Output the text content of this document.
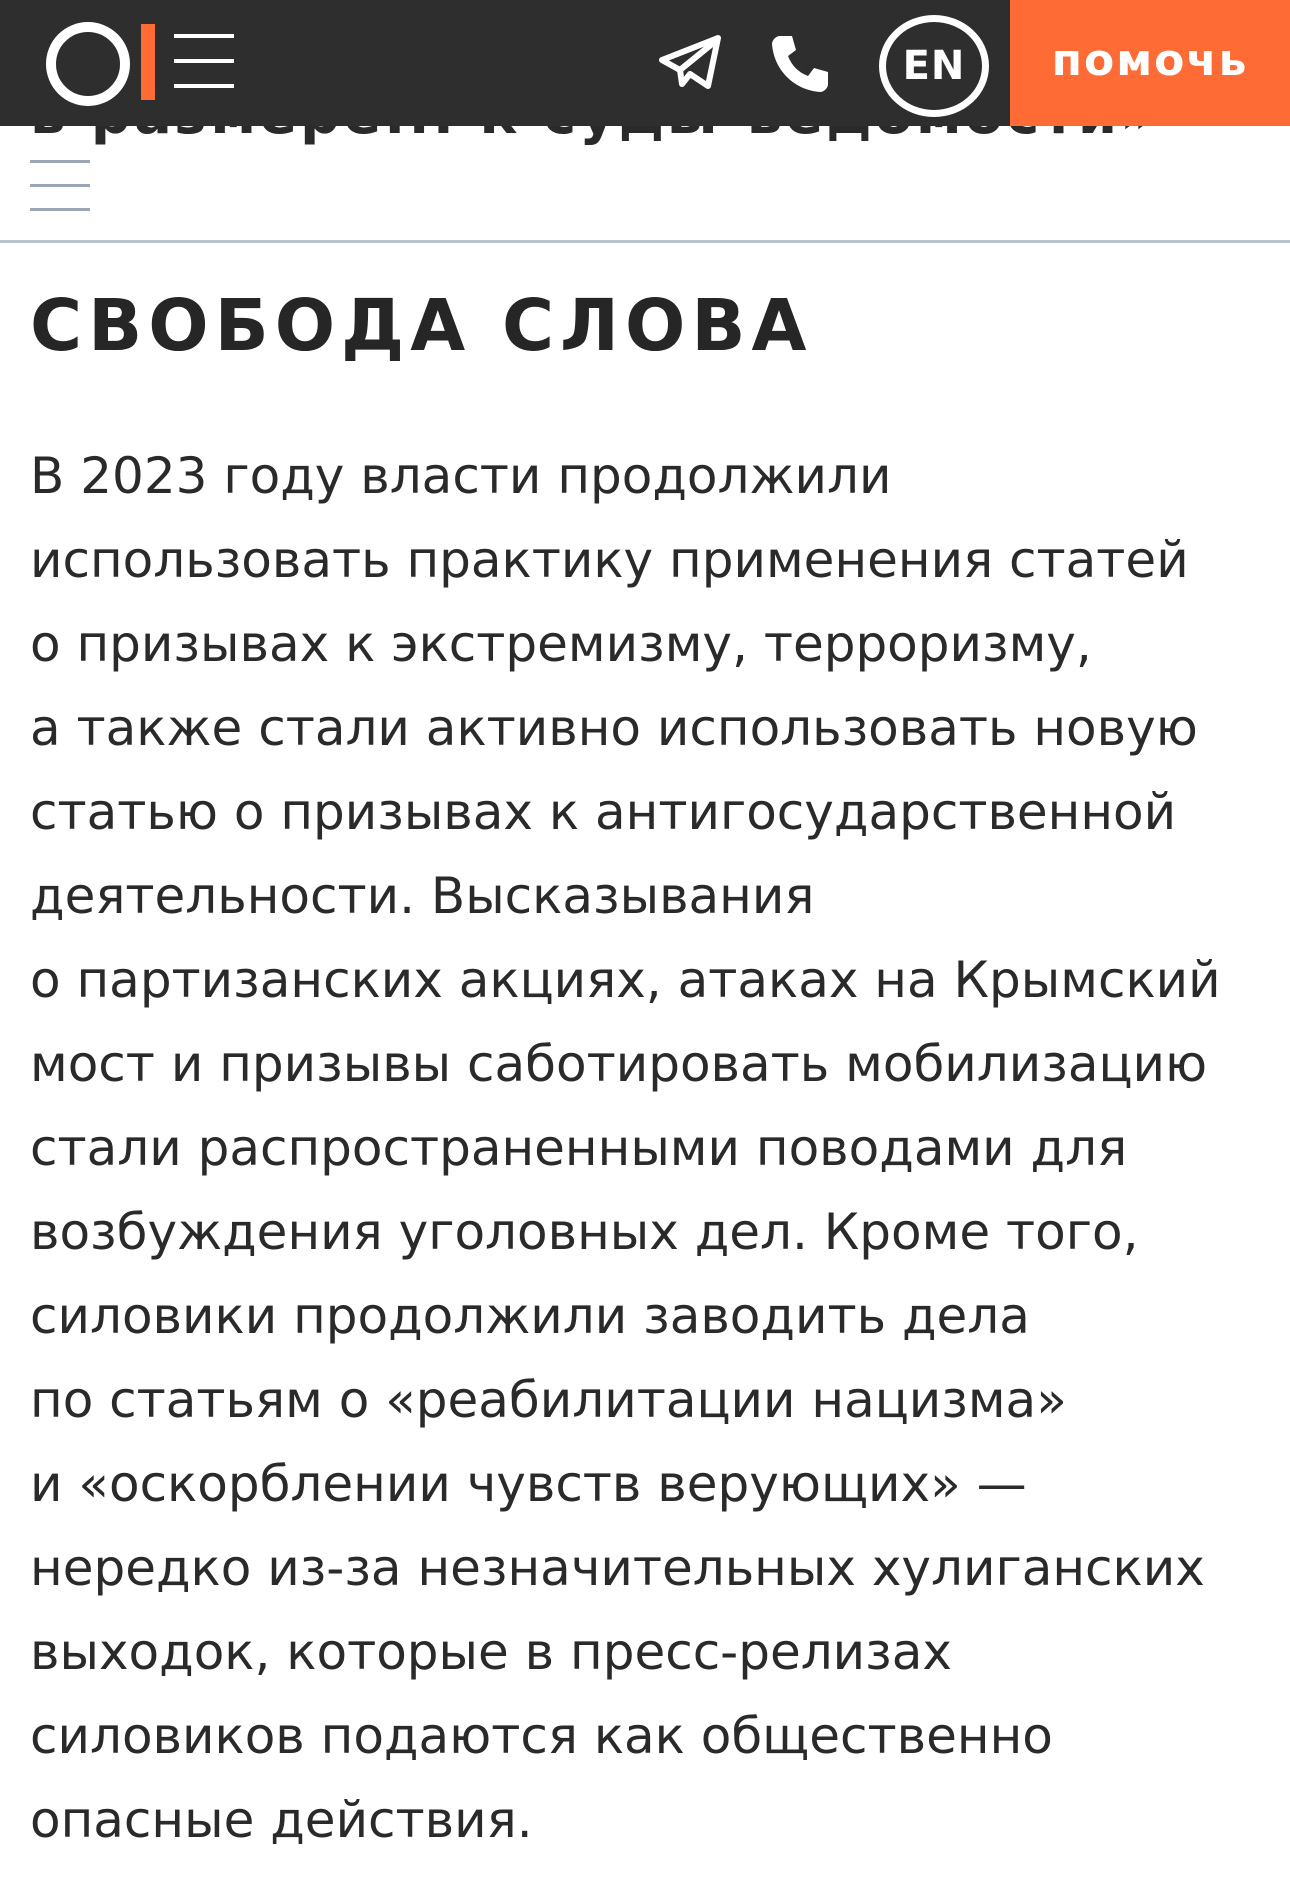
EN	помочь
СВОБОДА СЛОВА
В 2023 году власти продолжили
использовать практику применения статей
о призывах к экстремизму, терроризму,
а также стали активно использовать новую
статью о призывах к антигосударственной
деятельности. Высказывания
о партизанских акциях, атаках на Крымский
мост и призывы саботировать мобилизацию
стали распространенными поводами для
возбуждения уголовных дел. Кроме того,
силовики продолжили заводить дела
по статьям о «реабилитации нацизма»
и «оскорблении чувств верующих» —
нередко из-за незначительных хулиганских
выходок, которые в пресс-релизах
силовиков подаются как общественно
опасные действия.
